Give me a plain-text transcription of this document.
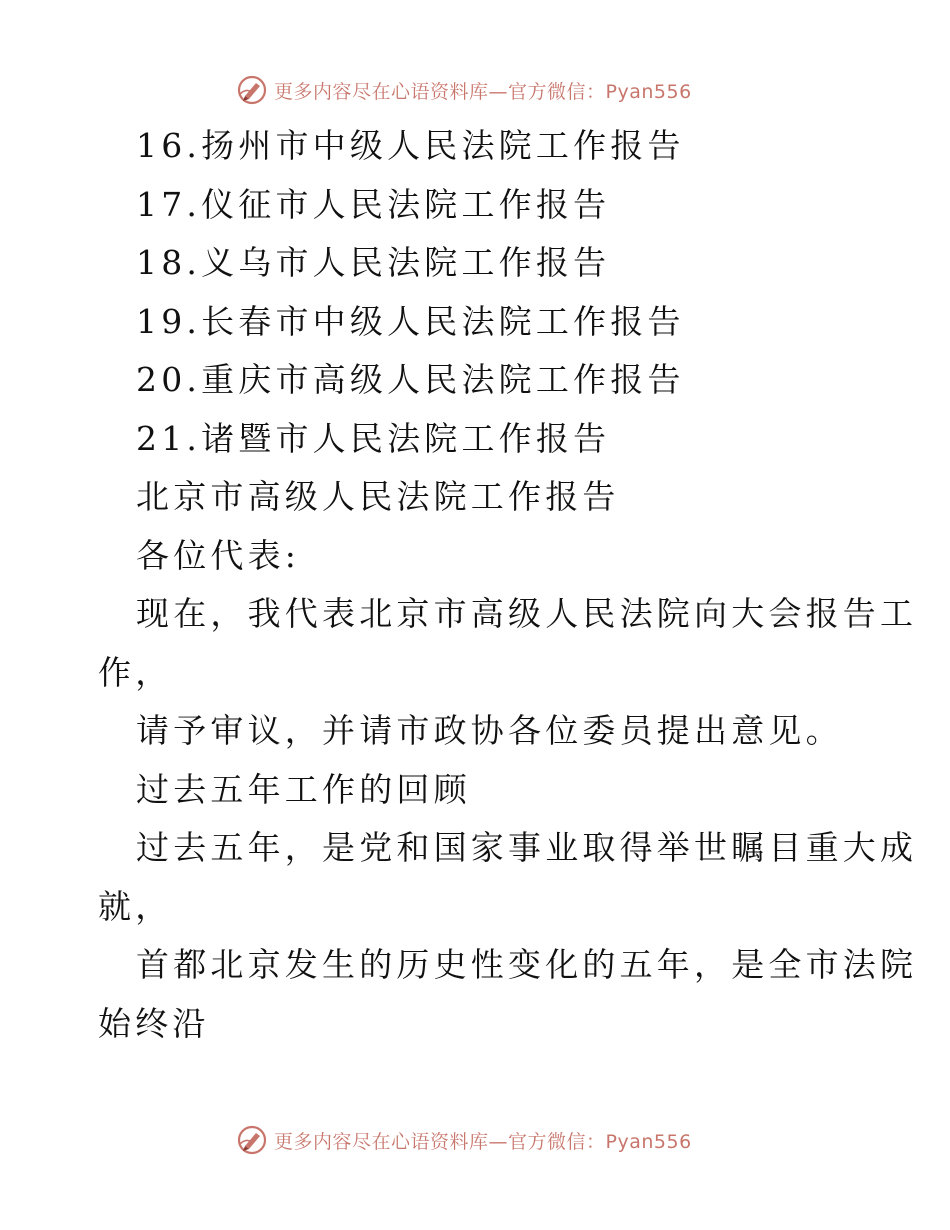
更多内容尽在心语资料库—官方微信：Pyan556
16.扬州市中级人民法院工作报告
17.仪征市人民法院工作报告
18.义乌市人民法院工作报告
19.长春市中级人民法院工作报告
20.重庆市高级人民法院工作报告
21.诸暨市人民法院工作报告
北京市高级人民法院工作报告
各位代表:
现在，我代表北京市高级人民法院向大会报告工
作，
请予审议，并请市政协各位委员提出意见。
过去五年工作的回顾
过去五年，是党和国家事业取得举世瞩目重大成
就，
首都北京发生的历史性变化的五年，是全市法院
始终沿
更多内容尽在心语资料库—官方微信：Pyan556
